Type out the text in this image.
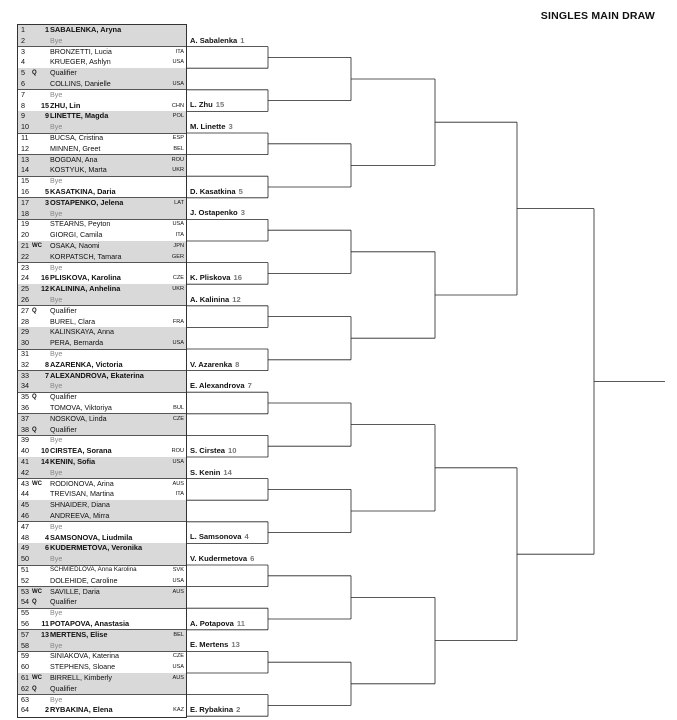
SINGLES MAIN DRAW
1	1 SABALENKA, Aryna
2	Bye
3	BRONZETTI, Lucia	ITA
4	KRUEGER, Ashlyn	USA
5	Q	Qualifier
6	COLLINS, Danielle	USA
7	Bye
8	15 ZHU, Lin	CHN
9	9 LINETTE, Magda	POL
10	Bye
11	BUCSA, Cristina	ESP
12	MINNEN, Greet	BEL
13	BOGDAN, Ana	ROU
14	KOSTYUK, Marta	UKR
15	Bye
16	5 KASATKINA, Daria
17	3 OSTAPENKO, Jelena	LAT
18	Bye
19	STEARNS, Peyton	USA
20	GIORGI, Camila	ITA
21 WC	OSAKA, Naomi	JPN
22	KORPATSCH, Tamara	GER
23	Bye
24	16 PLISKOVA, Karolina	CZE
25	12 KALININA, Anhelina	UKR
26	Bye
27 Q	Qualifier
28	BUREL, Clara	FRA
29	KALINSKAYA, Anna
30	PERA, Bernarda	USA
31	Bye
32	8 AZARENKA, Victoria
33	7 ALEXANDROVA, Ekaterina
34	Bye
35 Q	Qualifier
36	TOMOVA, Viktoriya	BUL
37	NOSKOVA, Linda	CZE
38 Q	Qualifier
39	Bye
40	10 CIRSTEA, Sorana	ROU
41	14 KENIN, Sofia	USA
42	Bye
43 WC	RODIONOVA, Arina	AUS
44	TREVISAN, Martina	ITA
45	SHNAIDER, Diana
46	ANDREEVA, Mirra
47	Bye
48	4 SAMSONOVA, Liudmila
49	6 KUDERMETOVA, Veronika
50	Bye
51	SCHMIEDLOVA, Anna Karolina	SVK
52	DOLEHIDE, Caroline	USA
53 WC	SAVILLE, Daria	AUS
54 Q	Qualifier
55	Bye
56	11 POTAPOVA, Anastasia
57	13 MERTENS, Elise	BEL
58	Bye
59	SINIAKOVA, Katerina	CZE
60	STEPHENS, Sloane	USA
61 WC	BIRRELL, Kimberly	AUS
62 Q	Qualifier
63	Bye
64	2 RYBAKINA, Elena	KAZ
A. Sabalenka 1
L. Zhu 15
M. Linette 3
D. Kasatkina 5
J. Ostapenko 3
K. Pliskova 16
A. Kalinina 12
V. Azarenka 8
E. Alexandrova 7
S. Cirstea 10
S. Kenin 14
L. Samsonova 4
V. Kudermetova 6
A. Potapova 11
E. Mertens 13
E. Rybakina 2
